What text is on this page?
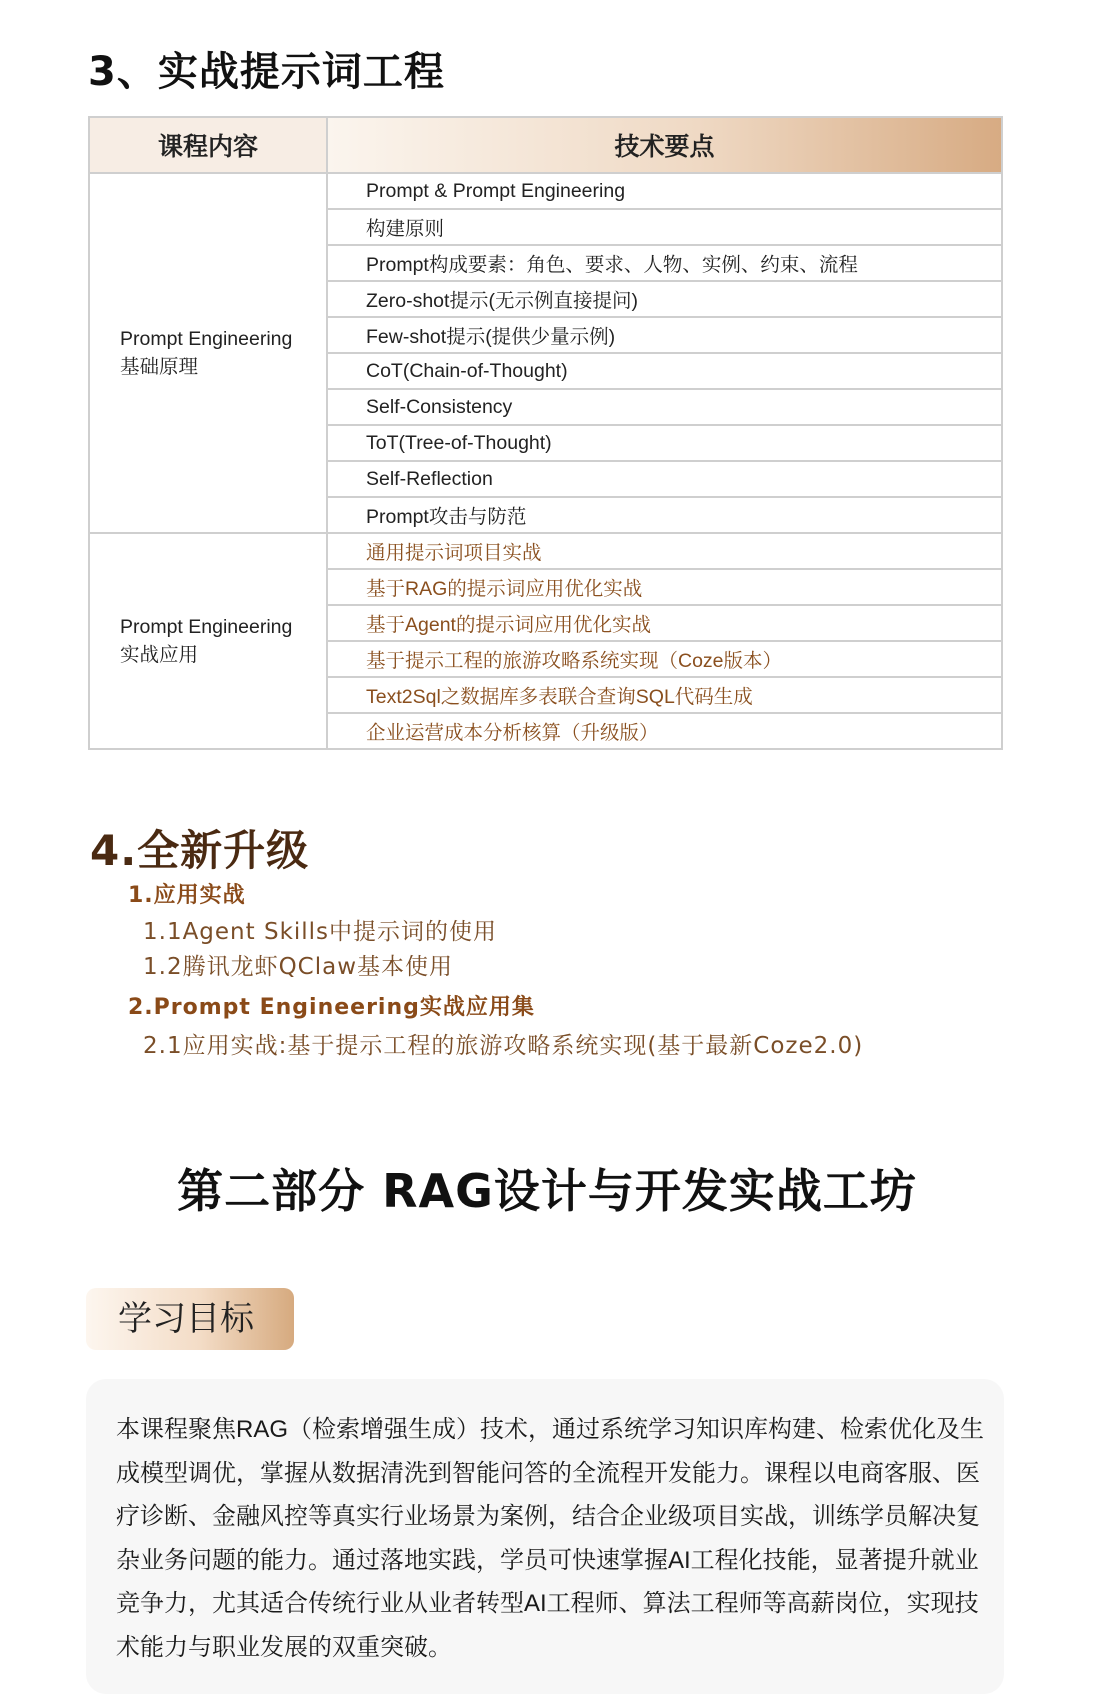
3、实战提示词工程
课程内容	技术要点
Prompt Engineering
基础原理	Prompt & Prompt Engineering
	构建原则
	Prompt构成要素：角色、要求、人物、实例、约束、流程
	Zero-shot提示(无示例直接提问)
	Few-shot提示(提供少量示例)
	CoT(Chain-of-Thought)
	Self-Consistency
	ToT(Tree-of-Thought)
	Self-Reflection
	Prompt攻击与防范
Prompt Engineering
实战应用	通用提示词项目实战
	基于RAG的提示词应用优化实战
	基于Agent的提示词应用优化实战
	基于提示工程的旅游攻略系统实现（Coze版本）
	Text2Sql之数据库多表联合查询SQL代码生成
	企业运营成本分析核算（升级版）
4.全新升级
1.应用实战
1.1Agent Skills中提示词的使用
1.2腾讯龙虾QClaw基本使用
2.Prompt Engineering实战应用集
2.1应用实战:基于提示工程的旅游攻略系统实现(基于最新Coze2.0)
第二部分 RAG设计与开发实战工坊
学习目标

本课程聚焦RAG（检索增强生成）技术，通过系统学习知识库构建、检索优化及生成模型调优，掌握从数据清洗到智能问答的全流程开发能力。课程以电商客服、医疗诊断、金融风控等真实行业场景为案例，结合企业级项目实战，训练学员解决复杂业务问题的能力。通过落地实践，学员可快速掌握AI工程化技能，显著提升就业竞争力，尤其适合传统行业从业者转型AI工程师、算法工程师等高薪岗位，实现技术能力与职业发展的双重突破。
